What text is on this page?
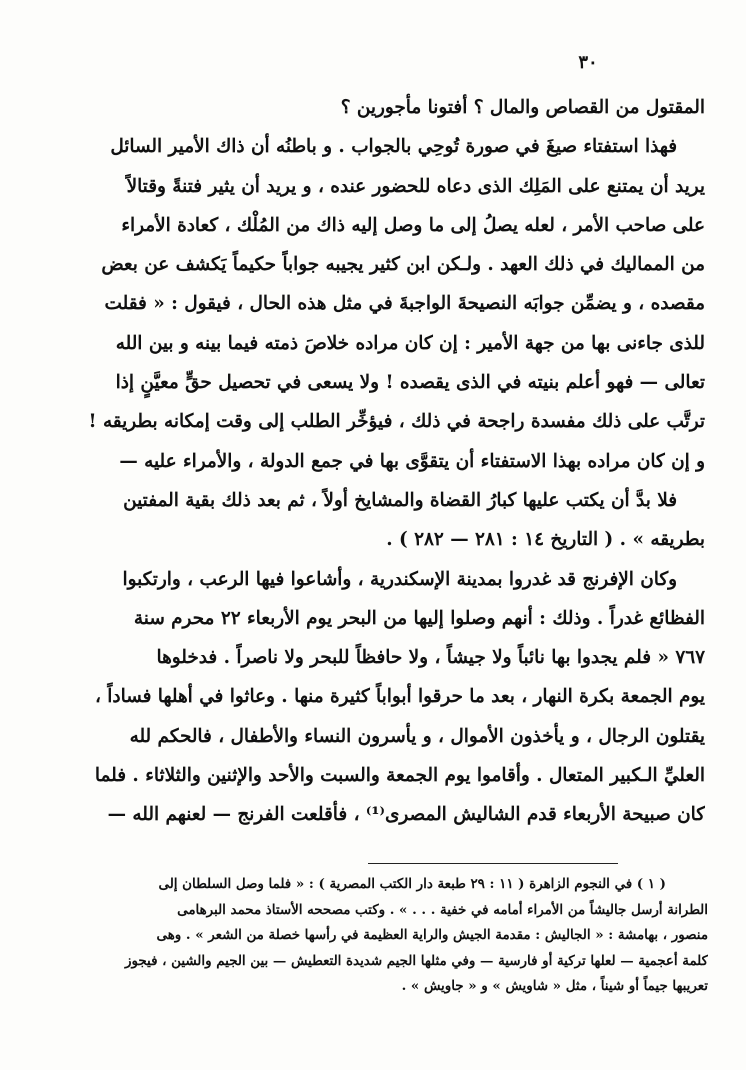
٣٠
المقتول من القصاص والمال ؟ أفتونا مأجورين ؟
فهذا استفتاء صيغَ في صورة تُوحِي بالجواب . و باطنُه أن ذاك الأمير السائل
يريد أن يمتنع على المَلِك الذى دعاه للحضور عنده ، و يريد أن يثير فتنةً وقتالاً
على صاحب الأمر ، لعله يصلُ إلى ما وصل إليه ذاك من المُلْك ، كعادة الأمراء
من المماليك في ذلك العهد . ولـكن ابن كثير يجيبه جواباً حكيماً يَكشف عن بعض
مقصده ، و يضمِّن جوابَه النصيحةَ الواجبةَ في مثل هذه الحال ، فيقول : « فقلت
للذى جاءنى بها من جهة الأمير : إن كان مراده خلاصَ ذمته فيما بينه و بين الله
تعالى — فهو أعلم بنيته في الذى يقصده ! ولا يسعى في تحصيل حقٍّ معيَّنٍ إذا
ترتَّب على ذلك مفسدة راجحة في ذلك ، فيؤخِّر الطلب إلى وقت إمكانه بطريقه !
و إن كان مراده بهذا الاستفتاء أن يتقوَّى بها في جمع الدولة ، والأمراء عليه —
فلا بدَّ أن يكتب عليها كبارُ القضاة والمشايخ أولاً ، ثم بعد ذلك بقية المفتين
بطريقه » . ( التاريخ ١٤ : ٢٨١ — ٢٨٢ ) .
وكان الإفرنج قد غدروا بمدينة الإسكندرية ، وأشاعوا فيها الرعب ، وارتكبوا
الفظائع غدراً . وذلك : أنهم وصلوا إليها من البحر يوم الأربعاء ٢٢ محرم سنة
٧٦٧ « فلم يجدوا بها نائباً ولا جيشاً ، ولا حافظاً للبحر ولا ناصراً . فدخلوها
يوم الجمعة بكرة النهار ، بعد ما حرقوا أبواباً كثيرة منها . وعاثوا في أهلها فساداً ،
يقتلون الرجال ، و يأخذون الأموال ، و يأسرون النساء والأطفال ، فالحكم لله
العليِّ الـكبير المتعال . وأقاموا يوم الجمعة والسبت والأحد والإثنين والثلاثاء . فلما
كان صبيحة الأربعاء قدم الشاليش المصرى⁽¹⁾ ، فأقلعت الفرنج — لعنهم الله —
( ١ ) في النجوم الزاهرة ( ١١ : ٢٩ طبعة دار الكتب المصرية ) : « فلما وصل السلطان إلى
الطرانة أرسل جاليشاً من الأمراء أمامه في خفية . . . » . وكتب مصححه الأستاذ محمد البرهامى
منصور ، بهامشة : « الجاليش : مقدمة الجيش والراية العظيمة في رأسها خصلة من الشعر » . وهى
كلمة أعجمية — لعلها تركية أو فارسية — وفي مثلها الجيم شديدة التعطيش — بين الجيم والشين ، فيجوز
تعريبها جيماً أو شيناً ، مثل « شاويش » و « جاويش » .
